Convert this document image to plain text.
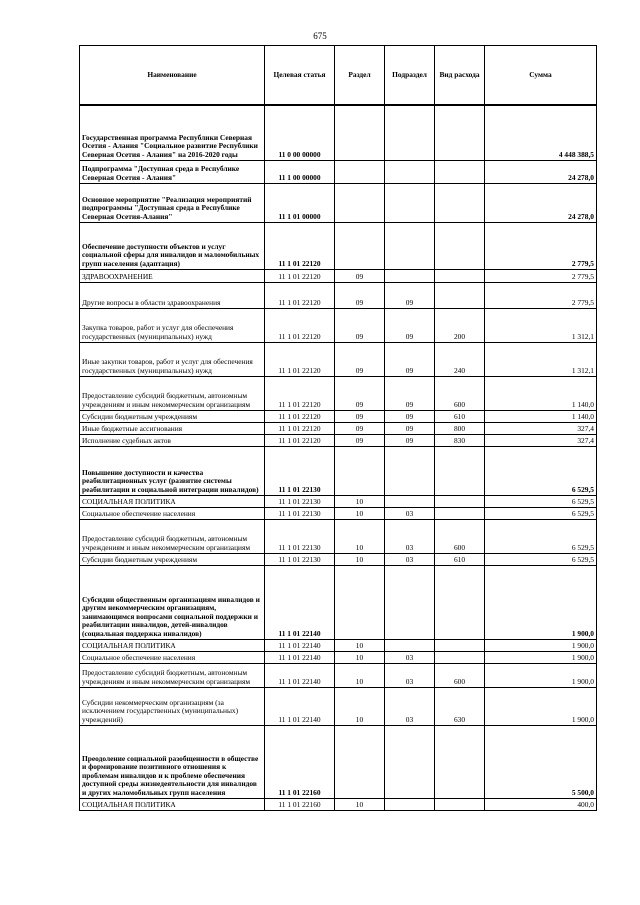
675
Наименование	Целевая статья	Раздел	Подраздел	Вид расхода	Сумма
Государственная программа Республики Северная Осетия - Алания "Социальное развитие Республики Северная Осетия - Алания" на 2016-2020 годы	11 0 00 00000				4 448 388,5
Подпрограмма "Доступная среда в Республике Северная Осетия - Алания"	11 1 00 00000				24 278,0
Основное мероприятие "Реализация мероприятий подпрограммы "Доступная среда в Республике Северная Осетия-Алания"	11 1 01 00000				24 278,0
Обеспечение доступности объектов и услуг социальной сферы для инвалидов и маломобильных групп населения (адаптация)	11 1 01 22120				2 779,5
ЗДРАВООХРАНЕНИЕ	11 1 01 22120	09			2 779,5
Другие вопросы в области здравоохранения	11 1 01 22120	09	09		2 779,5
Закупка товаров, работ и услуг для обеспечения государственных (муниципальных) нужд	11 1 01 22120	09	09	200	1 312,1
Иные закупки товаров, работ и услуг для обеспечения государственных (муниципальных) нужд	11 1 01 22120	09	09	240	1 312,1
Предоставление субсидий бюджетным, автономным учреждениям и иным некоммерческим организациям	11 1 01 22120	09	09	600	1 140,0
Субсидии бюджетным учреждениям	11 1 01 22120	09	09	610	1 140,0
Иные бюджетные ассигнования	11 1 01 22120	09	09	800	327,4
Исполнение судебных актов	11 1 01 22120	09	09	830	327,4
Повышение доступности и качества реабилитационных услуг (развитие системы реабилитации и социальной интеграции инвалидов)	11 1 01 22130				6 529,5
СОЦИАЛЬНАЯ ПОЛИТИКА	11 1 01 22130	10			6 529,5
Социальное обеспечение населения	11 1 01 22130	10	03		6 529,5
Предоставление субсидий бюджетным, автономным учреждениям и иным некоммерческим организациям	11 1 01 22130	10	03	600	6 529,5
Субсидии бюджетным учреждениям	11 1 01 22130	10	03	610	6 529,5
Субсидии общественным организациям инвалидов и другим некоммерческим организациям, занимающимся вопросами социальной поддержки и реабилитации инвалидов, детей-инвалидов (социальная поддержка инвалидов)	11 1 01 22140				1 900,0
СОЦИАЛЬНАЯ ПОЛИТИКА	11 1 01 22140	10			1 900,0
Социальное обеспечение населения	11 1 01 22140	10	03		1 900,0
Предоставление субсидий бюджетным, автономным учреждениям и иным некоммерческим организациям	11 1 01 22140	10	03	600	1 900,0
Субсидии некоммерческим организациям (за исключением государственных (муниципальных) учреждений)	11 1 01 22140	10	03	630	1 900,0
Преодоление социальной разобщенности в обществе и формирование позитивного отношения к проблемам инвалидов и к проблеме обеспечения доступной среды жизнедеятельности для инвалидов и других маломобильных групп населения	11 1 01 22160				5 500,0
СОЦИАЛЬНАЯ ПОЛИТИКА	11 1 01 22160	10			400,0
